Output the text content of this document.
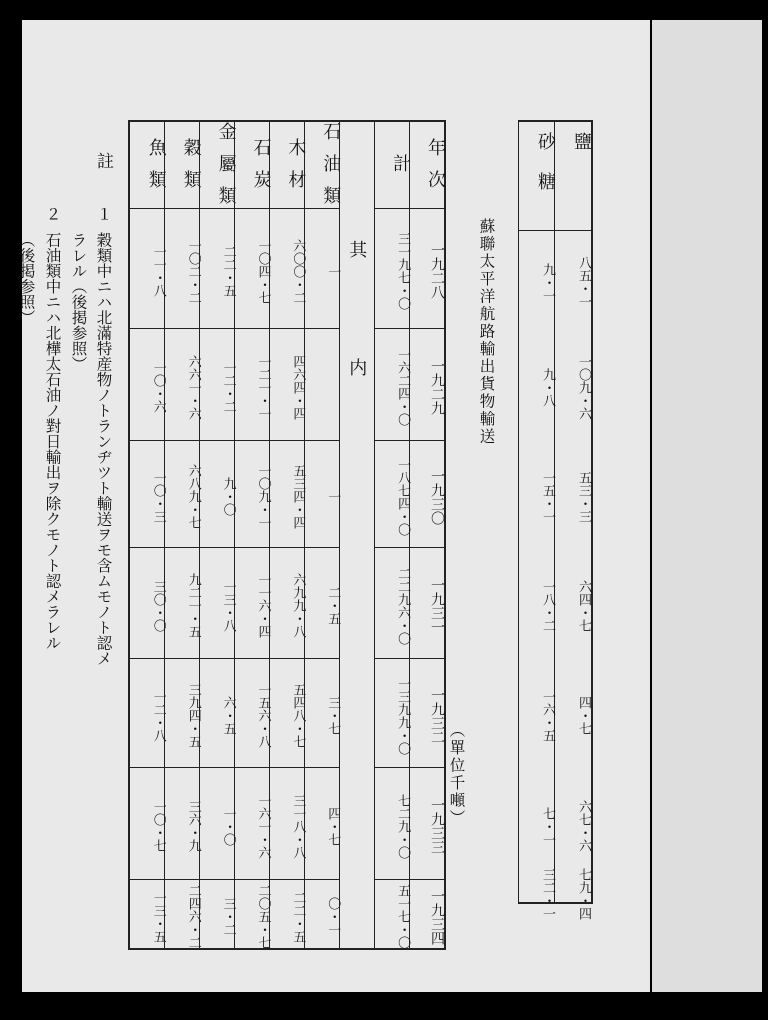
鹽
砂糖
八五・一
一〇九・六
五三・三
六四・七
四・七
六七・六
七九・四
九・一
九・八
一五・一
一八・二
一六・五
七・一
三二・一
蘇聯太平洋航路輸出貨物輸送
（單位千噸）
年次
一九二八
一九二九
一九三〇
一九三一
一九三二
一九三三
一九三四
計
三一九七・〇
一六二四・〇
一八七四・〇
二二九六・〇
一三九九・〇
七二九・〇
五一七・〇
其内
石油類
一
一
二・五
三・七
四・七
〇・一
木材
六〇〇・二
四六四・四
五三四・四
六九九・八
五四八・七
三一八・八
二二・五
石炭
一〇四・七
一二一・一
一〇九・一
一一六・四
一五六・八
一六一・六
二〇五・七
金屬類
二二・五
一二・二
九・〇
一三・八
六・五
一・〇
三・二
穀類
一〇二・二
六六一・六
六八九・七
九二一・五
三九四・五
三六・九
二四六・二
魚類
一一・八
一〇・六
一〇・三
三〇・〇
一二・八
一〇・七
一三・五
註
１
穀類中ニハ北滿特産物ノトランヂツト輸送ヲモ含ムモノト認メ
ラレル（後掲参照）
２
石油類中ニハ北樺太石油ノ對日輸出ヲ除クモノト認メラレル
（後掲参照）
